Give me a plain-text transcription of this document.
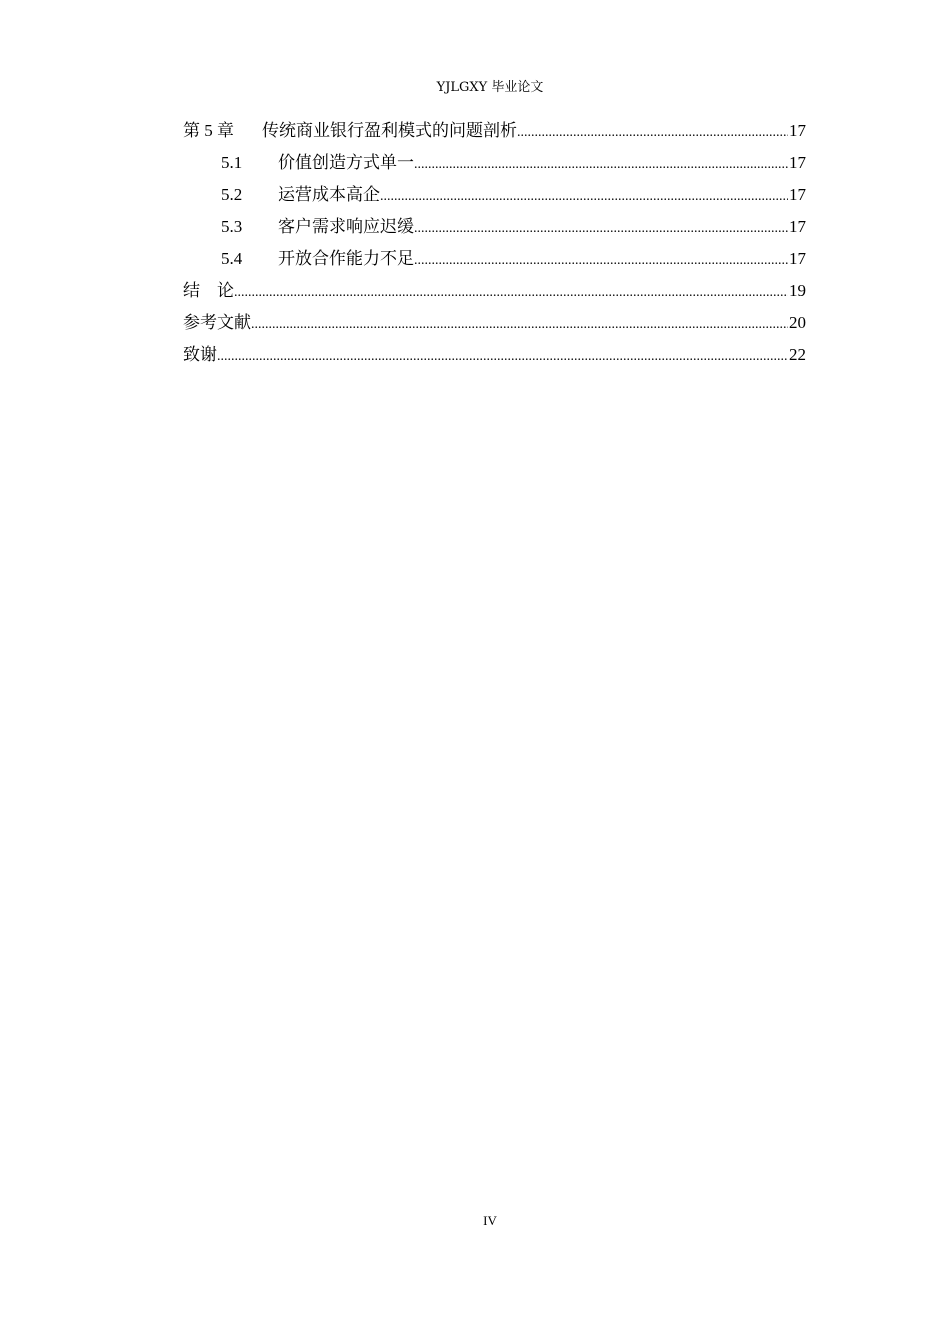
YJLGXY 毕业论文
第 5 章	传统商业银行盈利模式的问题剖析 .....	17
5.1	价值创造方式单一 .....	17
5.2	运营成本高企 .....	17
5.3	客户需求响应迟缓 .....	17
5.4	开放合作能力不足 .....	17
结　论 .....	19
参考文献 .....	20
致谢 .....	22
IV
